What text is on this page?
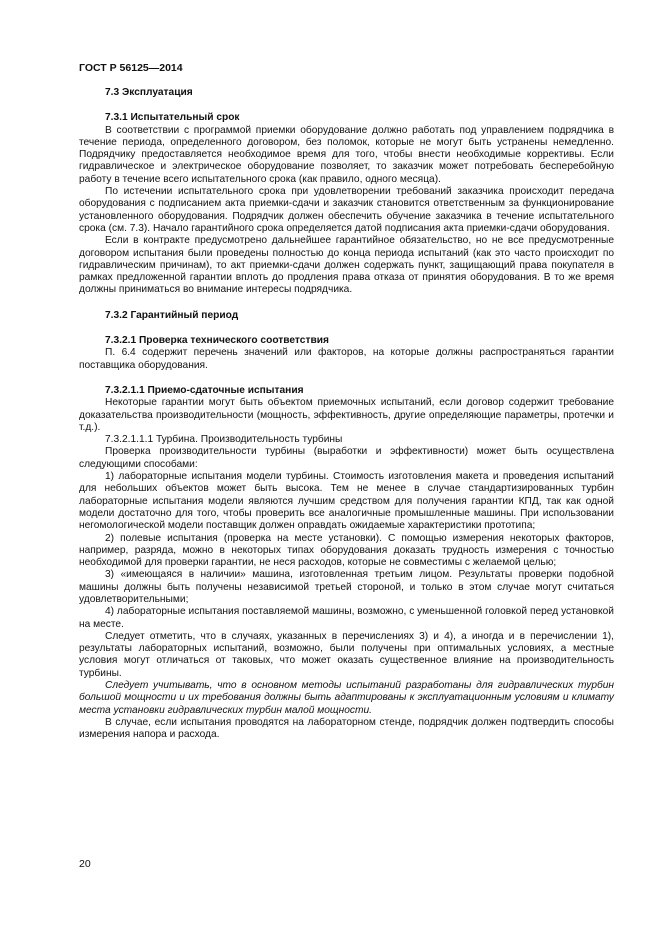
ГОСТ Р 56125—2014

7.3 Эксплуатация

7.3.1 Испытательный срок

В соответствии с программой приемки оборудование должно работать под управлением подрядчика в течение периода, определенного договором, без поломок, которые не могут быть устранены немедленно. Подрядчику предоставляется необходимое время для того, чтобы внести необходимые коррективы. Если гидравлическое и электрическое оборудование позволяет, то заказчик может потребовать бесперебойную работу в течение всего испытательного срока (как правило, одного месяца).

По истечении испытательного срока при удовлетворении требований заказчика происходит передача оборудования с подписанием акта приемки-сдачи и заказчик становится ответственным за функционирование установленного оборудования. Подрядчик должен обеспечить обучение заказчика в течение испытательного срока (см. 7.3). Начало гарантийного срока определяется датой подписания акта приемки-сдачи оборудования.

Если в контракте предусмотрено дальнейшее гарантийное обязательство, но не все предусмотренные договором испытания были проведены полностью до конца периода испытаний (как это часто происходит по гидравлическим причинам), то акт приемки-сдачи должен содержать пункт, защищающий права покупателя в рамках предложенной гарантии вплоть до продления права отказа от принятия оборудования. В то же время должны приниматься во внимание интересы подрядчика.

7.3.2 Гарантийный период

7.3.2.1 Проверка технического соответствия

П. 6.4 содержит перечень значений или факторов, на которые должны распространяться гарантии поставщика оборудования.

7.3.2.1.1 Приемо-сдаточные испытания

Некоторые гарантии могут быть объектом приемочных испытаний, если договор содержит требование доказательства производительности (мощность, эффективность, другие определяющие параметры, протечки и т.д.).

7.3.2.1.1.1 Турбина. Производительность турбины

Проверка производительности турбины (выработки и эффективности) может быть осуществлена следующими способами:

1) лабораторные испытания модели турбины. Стоимость изготовления макета и проведения испытаний для небольших объектов может быть высока. Тем не менее в случае стандартизированных турбин лабораторные испытания модели являются лучшим средством для получения гарантии КПД, так как одной модели достаточно для того, чтобы проверить все аналогичные промышленные машины. При использовании негомологической модели поставщик должен оправдать ожидаемые характеристики прототипа;

2) полевые испытания (проверка на месте установки). С помощью измерения некоторых факторов, например, разряда, можно в некоторых типах оборудования доказать трудность измерения с точностью необходимой для проверки гарантии, не неся расходов, которые не совместимы с желаемой целью;

3) «имеющаяся в наличии» машина, изготовленная третьим лицом. Результаты проверки подобной машины должны быть получены независимой третьей стороной, и только в этом случае могут считаться удовлетворительными;

4) лабораторные испытания поставляемой машины, возможно, с уменьшенной головкой перед установкой на месте.

Следует отметить, что в случаях, указанных в перечислениях 3) и 4), а иногда и в перечислении 1), результаты лабораторных испытаний, возможно, были получены при оптимальных условиях, а местные условия могут отличаться от таковых, что может оказать существенное влияние на производительность турбины.

Следует учитывать, что в основном методы испытаний разработаны для гидравлических турбин большой мощности и их требования должны быть адаптированы к эксплуатационным условиям и климату места установки гидравлических турбин малой мощности.

В случае, если испытания проводятся на лабораторном стенде, подрядчик должен подтвердить способы измерения напора и расхода.

20
